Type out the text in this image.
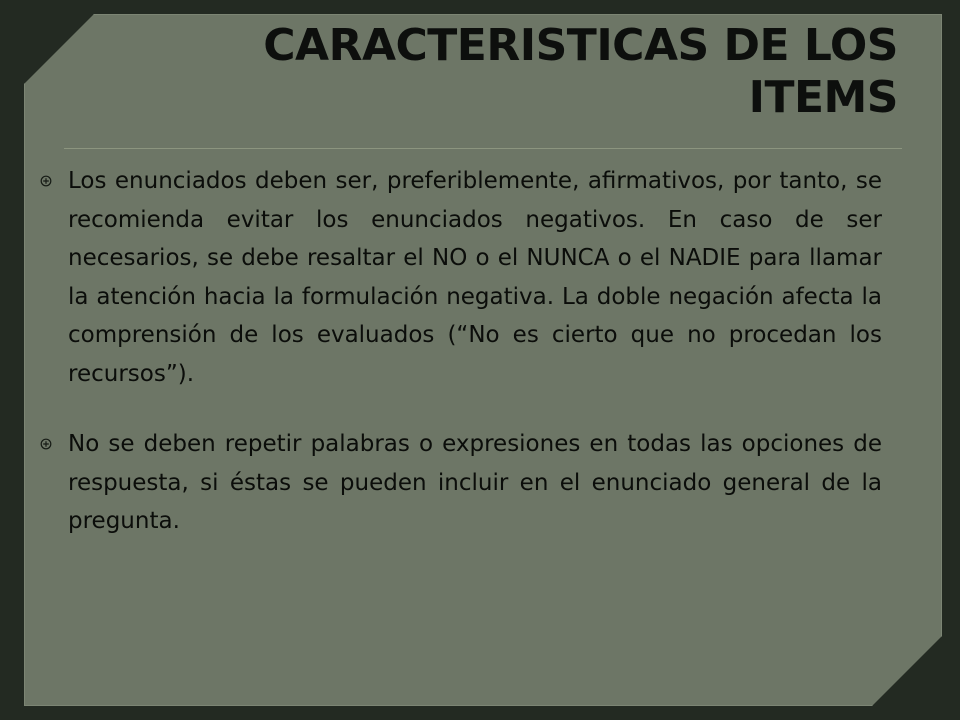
CARACTERISTICAS DE LOS ITEMS

Los enunciados deben ser, preferiblemente, afirmativos, por tanto, se recomienda evitar los enunciados negativos. En caso de ser necesarios, se debe resaltar el NO o el NUNCA o el NADIE para llamar la atención hacia la formulación negativa. La doble negación afecta la comprensión de los evaluados (“No es cierto que no procedan los recursos”).

No se deben repetir palabras o expresiones en todas las opciones de respuesta, si éstas se pueden incluir en el enunciado general de la pregunta.
